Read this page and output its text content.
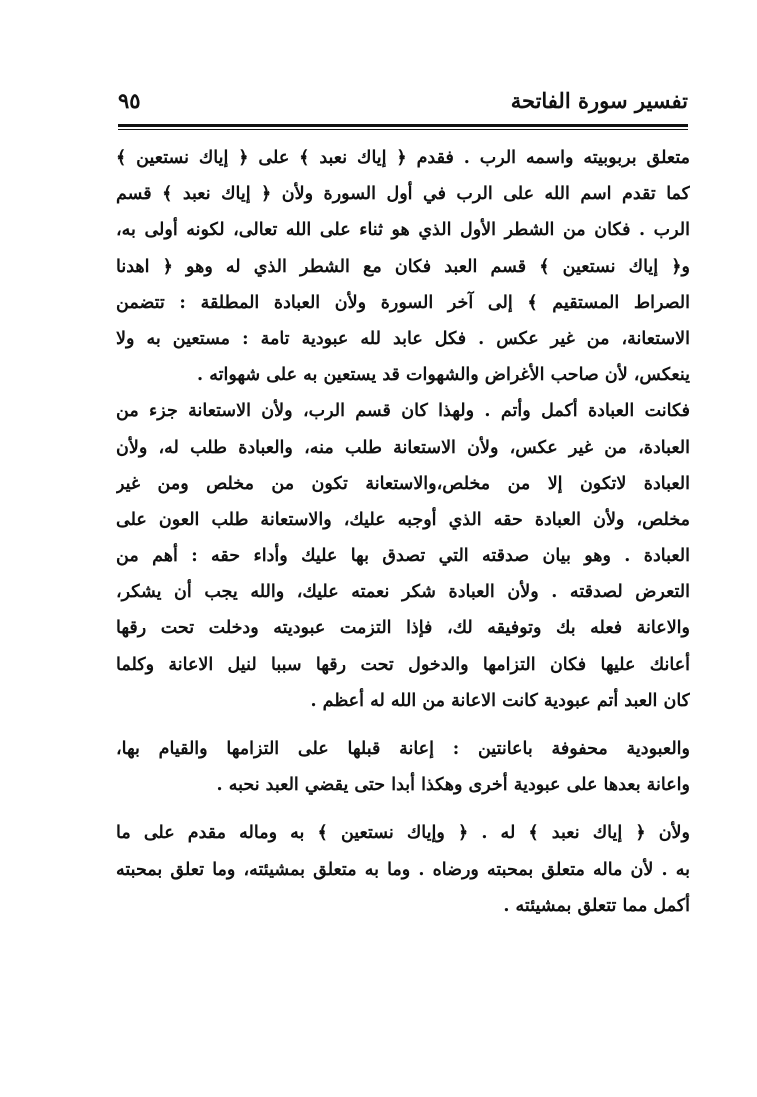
تفسير سورة الفاتحة
٩٥
متعلق بربوبيته واسمه الرب . فقدم ﴿ إياك نعبد ﴾ على ﴿ إياك نستعين ﴾
كما تقدم اسم الله على الرب في أول السورة ولأن ﴿ إياك نعبد ﴾ قسم
الرب . فكان من الشطر الأول الذي هو ثناء على الله تعالى، لكونه أولى به،
و﴿ إياك نستعين ﴾ قسم العبد فكان مع الشطر الذي له وهو ﴿ اهدنا
الصراط المستقيم ﴾ إلى آخر السورة ولأن العبادة المطلقة : تتضمن
الاستعانة، من غير عكس . فكل عابد لله عبودية تامة : مستعين به ولا
ينعكس، لأن صاحب الأغراض والشهوات قد يستعين به على شهواته .
فكانت العبادة أكمل وأتم . ولهذا كان قسم الرب، ولأن الاستعانة جزء من
العبادة، من غير عكس، ولأن الاستعانة طلب منه، والعبادة طلب له، ولأن
العبادة لاتكون إلا من مخلص،والاستعانة تكون من مخلص ومن غير
مخلص، ولأن العبادة حقه الذي أوجبه عليك، والاستعانة طلب العون على
العبادة . وهو بيان صدقته التي تصدق بها عليك وأداء حقه : أهم من
التعرض لصدقته . ولأن العبادة شكر نعمته عليك، والله يجب أن يشكر،
والاعانة فعله بك وتوفيقه لك، فإذا التزمت عبوديته ودخلت تحت رقها
أعانك عليها فكان التزامها والدخول تحت رقها سببا لنيل الاعانة وكلما
كان العبد أتم عبودية كانت الاعانة من الله له أعظم .
والعبودية محفوفة باعانتين : إعانة قبلها على التزامها والقيام بها،
واعانة بعدها على عبودية أخرى وهكذا أبدا حتى يقضي العبد نحبه .
ولأن ﴿ إياك نعبد ﴾ له . ﴿ وإياك نستعين ﴾ به وماله مقدم على ما
به . لأن ماله متعلق بمحبته ورضاه . وما به متعلق بمشيئته، وما تعلق بمحبته
أكمل مما تتعلق بمشيئته .
